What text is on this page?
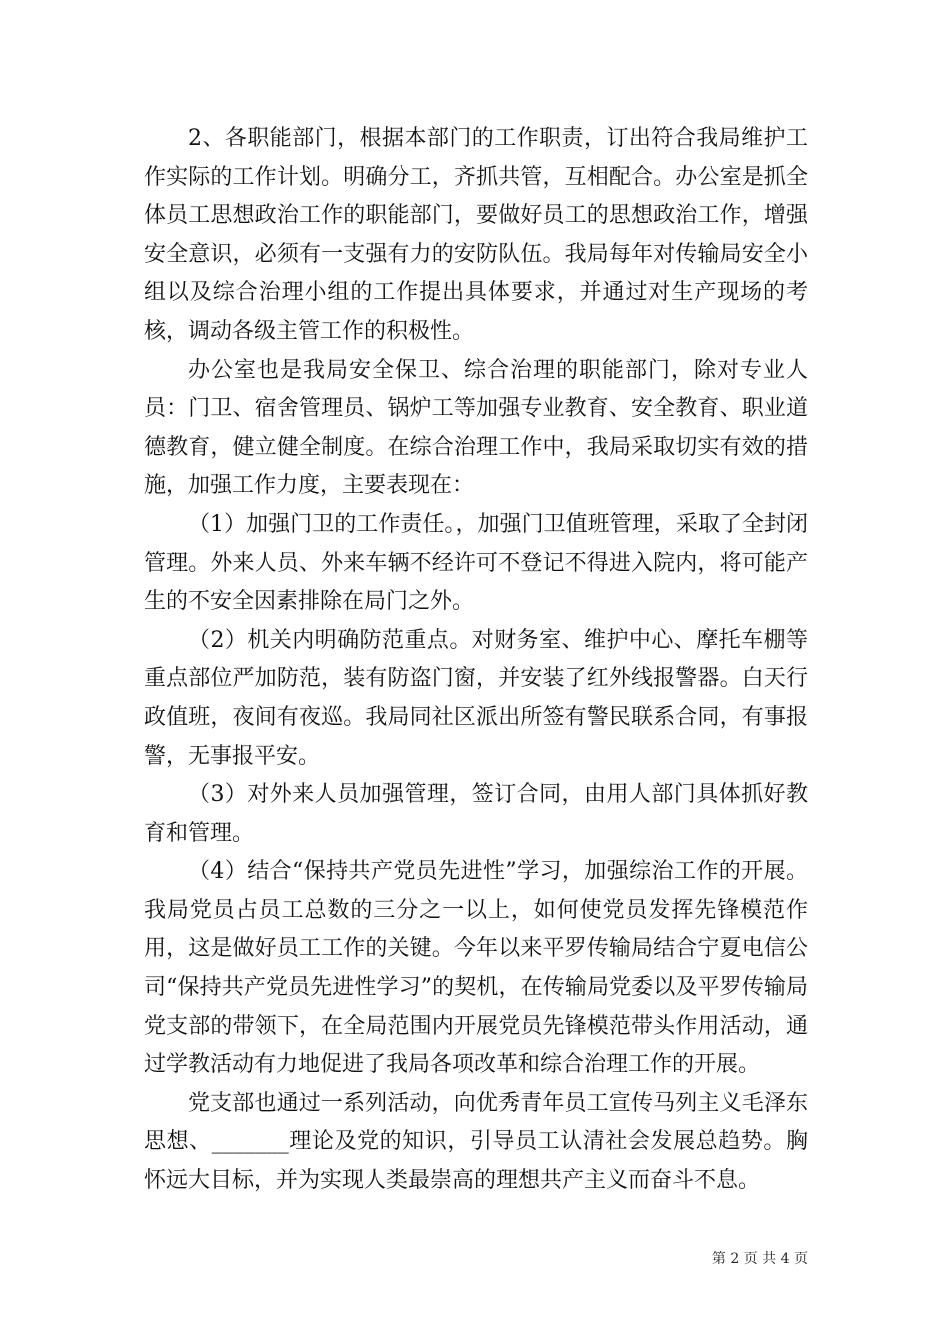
2、各职能部门，根据本部门的工作职责，订出符合我局维护工作实际的工作计划。明确分工，齐抓共管，互相配合。办公室是抓全体员工思想政治工作的职能部门，要做好员工的思想政治工作，增强安全意识，必须有一支强有力的安防队伍。我局每年对传输局安全小组以及综合治理小组的工作提出具体要求，并通过对生产现场的考核，调动各级主管工作的积极性。

办公室也是我局安全保卫、综合治理的职能部门，除对专业人员：门卫、宿舍管理员、锅炉工等加强专业教育、安全教育、职业道德教育，健立健全制度。在综合治理工作中，我局采取切实有效的措施，加强工作力度，主要表现在：

（1）加强门卫的工作责任。，加强门卫值班管理，采取了全封闭管理。外来人员、外来车辆不经许可不登记不得进入院内，将可能产生的不安全因素排除在局门之外。

（2）机关内明确防范重点。对财务室、维护中心、摩托车棚等重点部位严加防范，装有防盗门窗，并安装了红外线报警器。白天行政值班，夜间有夜巡。我局同社区派出所签有警民联系合同，有事报警，无事报平安。

（3）对外来人员加强管理，签订合同，由用人部门具体抓好教育和管理。

（4）结合“保持共产党员先进性”学习，加强综治工作的开展。我局党员占员工总数的三分之一以上，如何使党员发挥先锋模范作用，这是做好员工工作的关键。今年以来平罗传输局结合宁夏电信公司“保持共产党员先进性学习”的契机，在传输局党委以及平罗传输局党支部的带领下，在全局范围内开展党员先锋模范带头作用活动，通过学教活动有力地促进了我局各项改革和综合治理工作的开展。

党支部也通过一系列活动，向优秀青年员工宣传马列主义毛泽东思想、_______理论及党的知识，引导员工认清社会发展总趋势。胸怀远大目标，并为实现人类最崇高的理想共产主义而奋斗不息。

第 2 页 共 4 页
